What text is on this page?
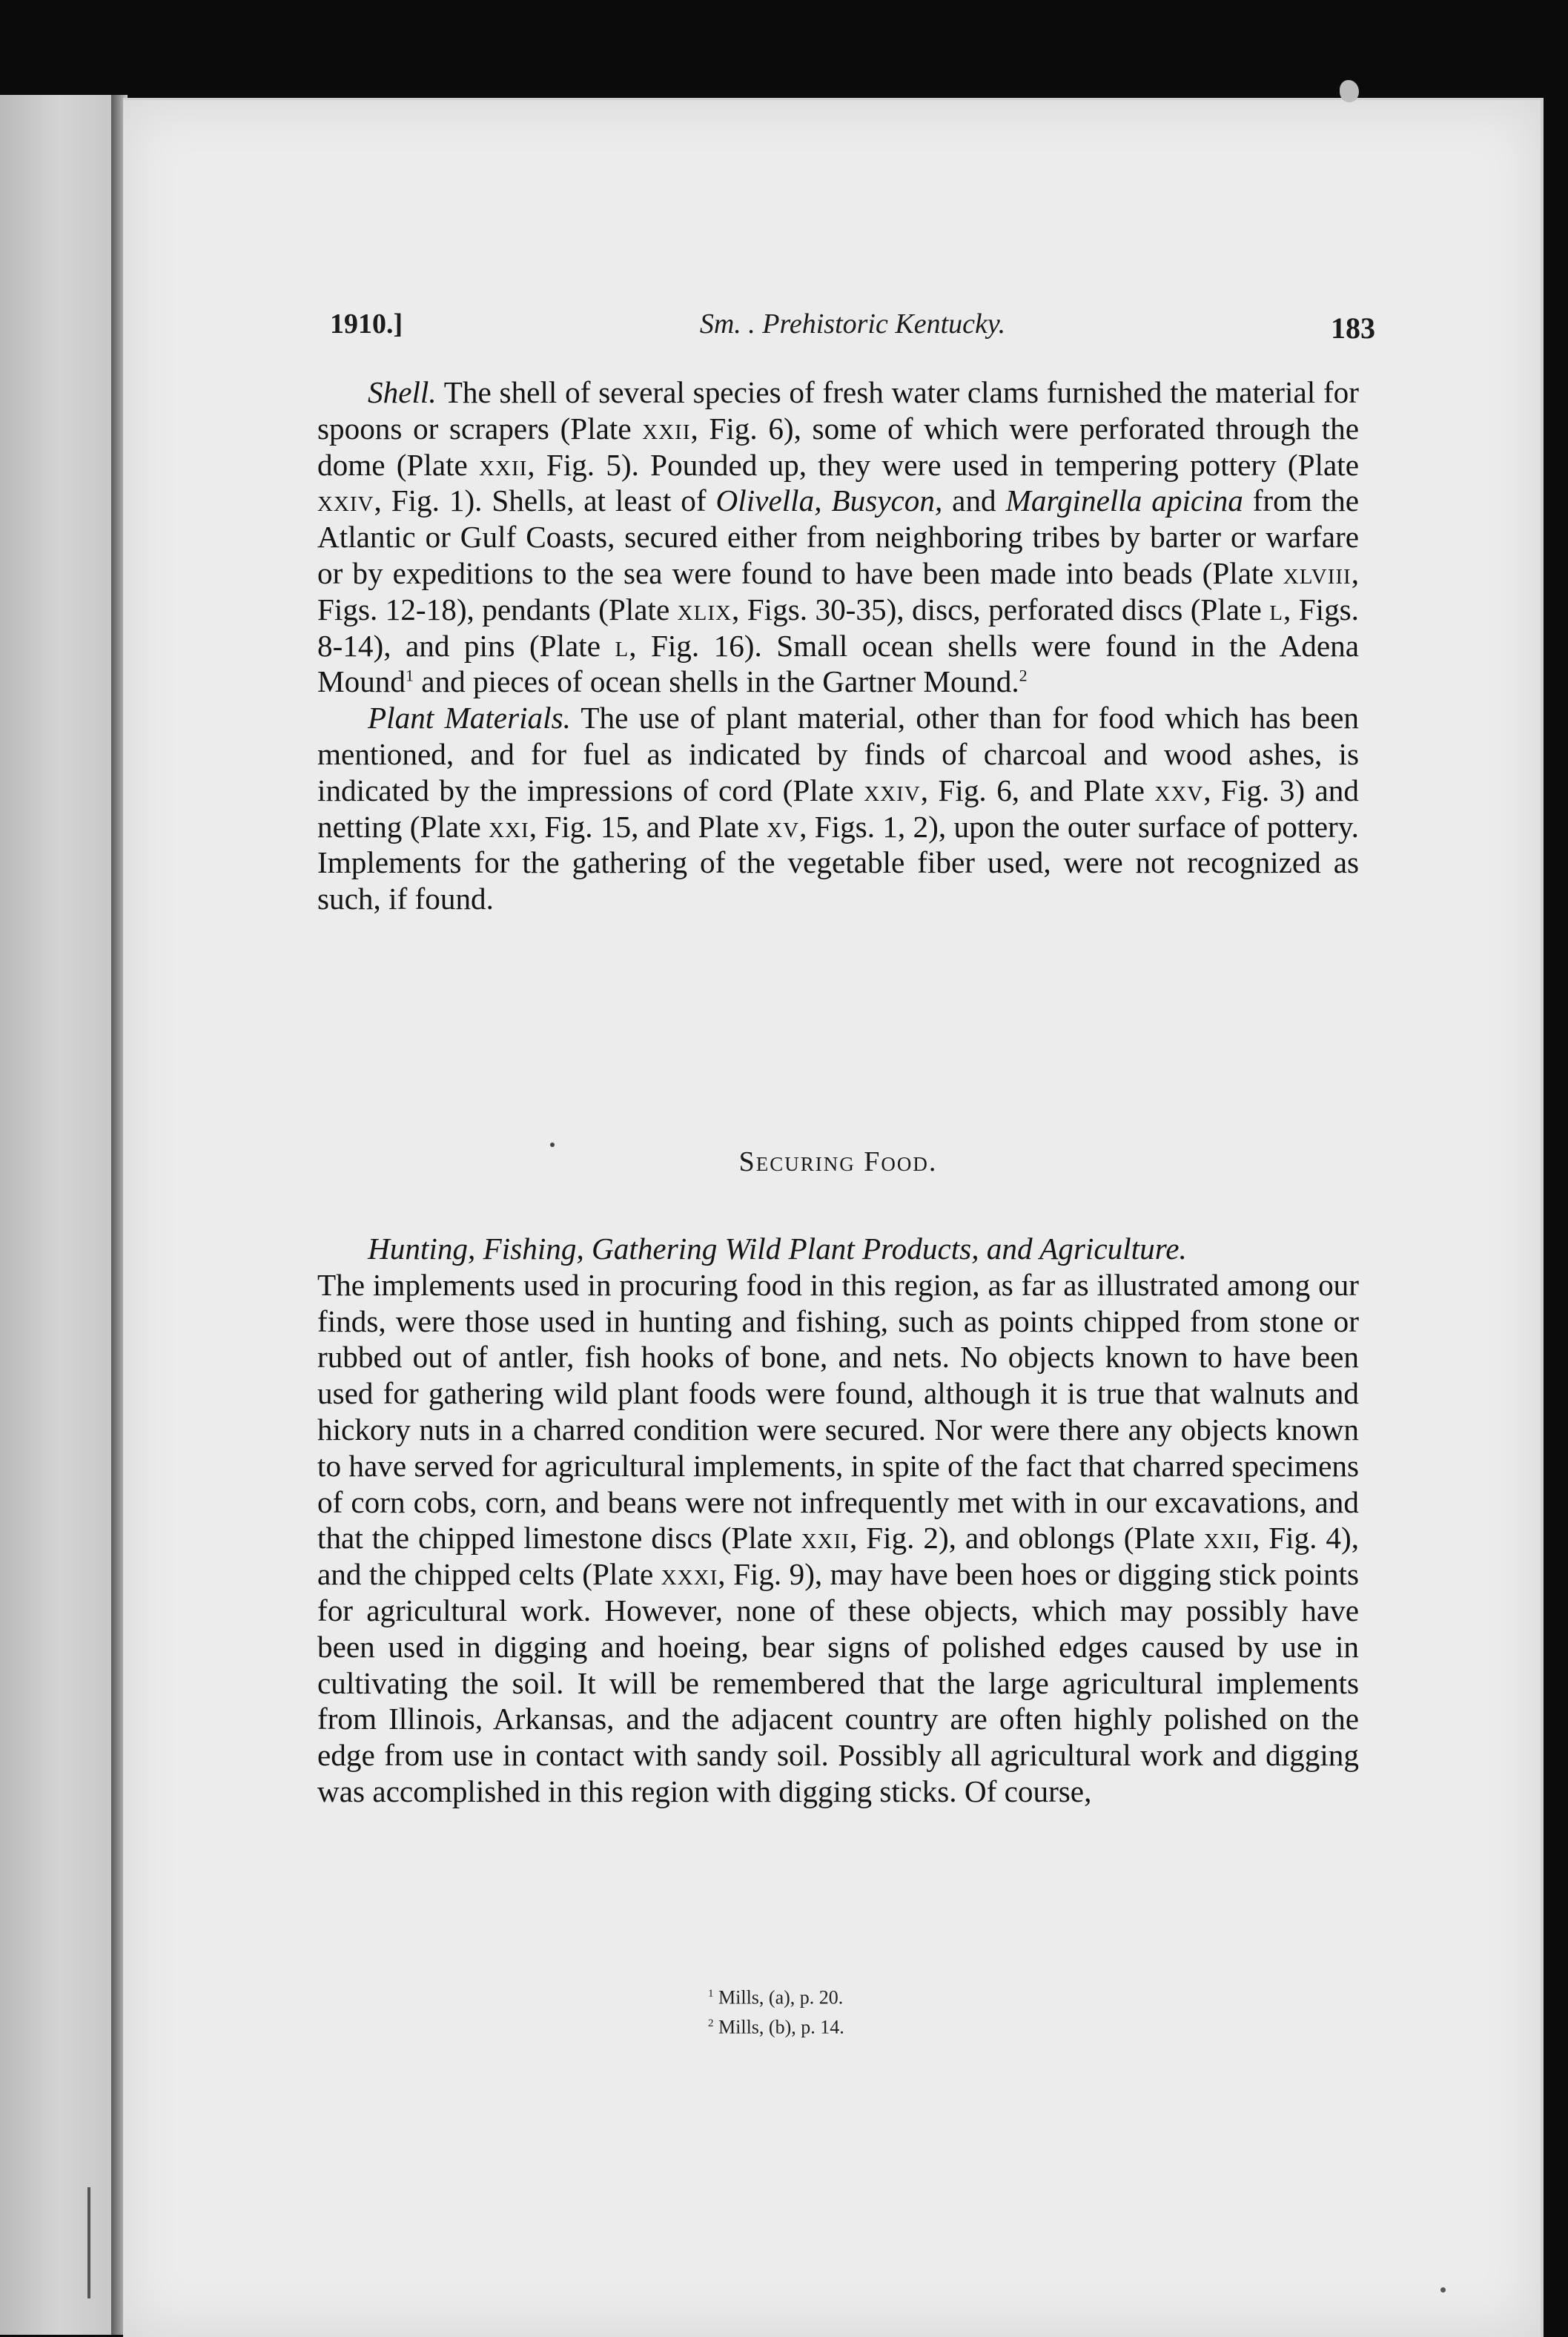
1910.]	Sm. . Prehistoric Kentucky.	183

Shell. The shell of several species of fresh water clams furnished the material for spoons or scrapers (Plate xxii, Fig. 6), some of which were perforated through the dome (Plate xxii, Fig. 5). Pounded up, they were used in tempering pottery (Plate xxiv, Fig. 1). Shells, at least of Olivella, Busycon, and Marginella apicina from the Atlantic or Gulf Coasts, secured either from neighboring tribes by barter or warfare or by expeditions to the sea were found to have been made into beads (Plate xlviii, Figs. 12-18), pendants (Plate xlix, Figs. 30-35), discs, perforated discs (Plate l, Figs. 8-14), and pins (Plate l, Fig. 16). Small ocean shells were found in the Adena Mound$^1$ and pieces of ocean shells in the Gartner Mound.$^2$

Plant Materials. The use of plant material, other than for food which has been mentioned, and for fuel as indicated by finds of charcoal and wood ashes, is indicated by the impressions of cord (Plate xxiv, Fig. 6, and Plate xxv, Fig. 3) and netting (Plate xxi, Fig. 15, and Plate xv, Figs. 1, 2), upon the outer surface of pottery. Implements for the gathering of the vegetable fiber used, were not recognized as such, if found.

Securing Food.
Hunting, Fishing, Gathering Wild Plant Products, and Agriculture.

The implements used in procuring food in this region, as far as illustrated among our finds, were those used in hunting and fishing, such as points chipped from stone or rubbed out of antler, fish hooks of bone, and nets. No objects known to have been used for gathering wild plant foods were found, although it is true that walnuts and hickory nuts in a charred condition were secured. Nor were there any objects known to have served for agricultural implements, in spite of the fact that charred specimens of corn cobs, corn, and beans were not infrequently met with in our excavations, and that the chipped limestone discs (Plate xxii, Fig. 2), and oblongs (Plate xxii, Fig. 4), and the chipped celts (Plate xxxi, Fig. 9), may have been hoes or digging stick points for agricultural work. However, none of these objects, which may possibly have been used in digging and hoeing, bear signs of polished edges caused by use in cultivating the soil. It will be remembered that the large agricultural implements from Illinois, Arkansas, and the adjacent country are often highly polished on the edge from use in contact with sandy soil. Possibly all agricultural work and digging was accomplished in this region with digging sticks. Of course,

$^1$ Mills, (a), p. 20.
$^2$ Mills, (b), p. 14.
